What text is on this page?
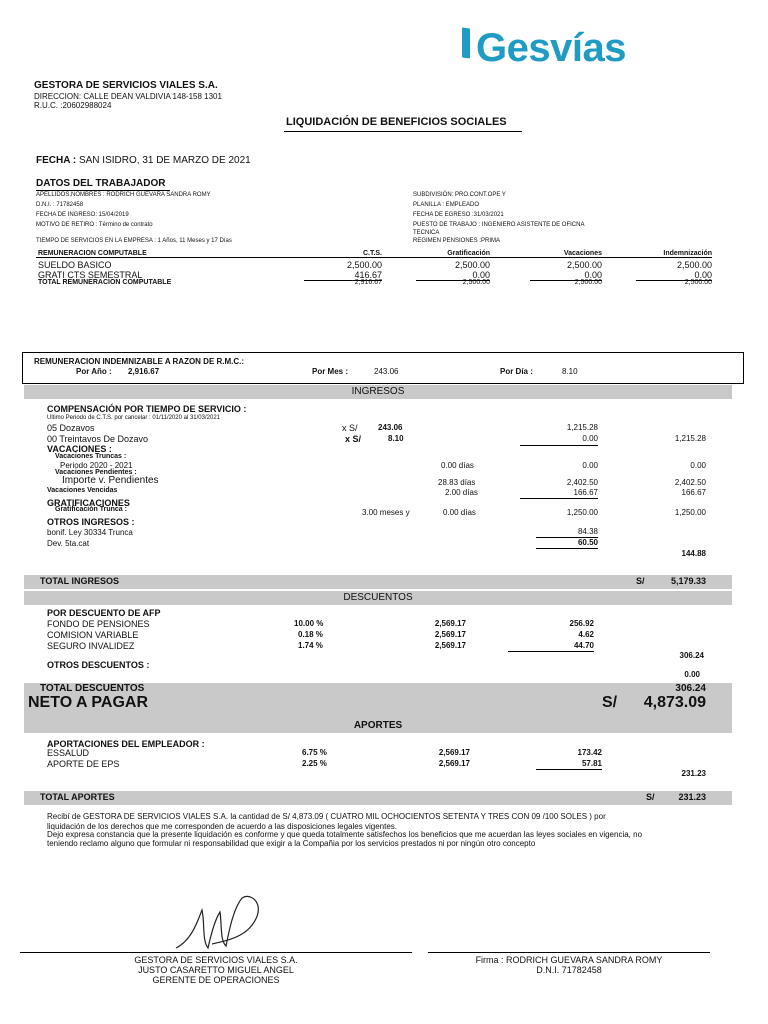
Gesvías
GESTORA DE SERVICIOS VIALES S.A.
DIRECCION: CALLE DEAN VALDIVIA 148-158 1301
R.U.C. :20602988024
LIQUIDACIÓN DE BENEFICIOS SOCIALES
FECHA : SAN ISIDRO, 31 DE MARZO DE 2021
DATOS DEL TRABAJADOR
APELLIDOS,NOMBRES : RODRICH GUEVARA SANDRA ROMY
D.N.I. : 71782458
FECHA DE INGRESO: 15/04/2019
MOTIVO DE RETIRO : Término de contrato
TIEMPO DE SERVICIOS EN LA EMPRESA : 1 Años, 11 Meses y 17 Días
SUBDIVISIÓN: PRO.CONT.OPE Y
PLANILLA : EMPLEADO
FECHA DE EGRESO :31/03/2021
PUESTO DE TRABAJO : INGENIERO ASISTENTE DE OFICNA
TECNICA
REGIMEN PENSIONES :PRIMA
REMUNERACION COMPUTABLE	C.T.S.	Gratificación	Vacaciones	Indemnización
SUELDO BASICO	2,500.00	2,500.00	2,500.00	2,500.00
GRATI CTS SEMESTRAL	416.67	0.00	0.00	0.00
TOTAL REMUNERACION COMPUTABLE	2,916.67	2,500.00	2,500.00	2,500.00
REMUNERACION INDEMNIZABLE A RAZON DE R.M.C.:
Por Año : 2,916.67	Por Mes :	243.06	Por Día :	8.10
INGRESOS
COMPENSACIÓN POR TIEMPO DE SERVICIO :
Ultimo Periodo de C.T.S. por cancelar : 01/11/2020 al 31/03/2021
05 Dozavos	x S/	243.06	1,215.28
00 Treintavos De Dozavo	x S/	8.10	0.00	1,215.28
VACACIONES :
Vacaciones Truncas :
Periodo 2020 - 2021	0.00 días	0.00	0.00
Vacaciones Pendientes :
Importe v. Pendientes	28.83 días	2,402.50	2,402.50
Vacaciones Vencidas	2.00 días	166.67	166.67
GRATIFICACIONES
Gratificación Trunca :	3.00 meses y	0.00 días	1,250.00	1,250.00
OTROS INGRESOS :
bonif. Ley 30334 Trunca	84.38
Dev. 5ta.cat	60.50
144.88
TOTAL INGRESOS	S/	5,179.33
DESCUENTOS
POR DESCUENTO DE AFP
FONDO DE PENSIONES	10.00 %	2,569.17	256.92
COMISION VARIABLE	0.18 %	2,569.17	4.62
SEGURO INVALIDEZ	1.74 %	2,569.17	44.70
306.24
OTROS DESCUENTOS :
0.00
TOTAL DESCUENTOS	306.24
NETO A PAGAR	S/	4,873.09
APORTES
APORTACIONES DEL EMPLEADOR :
ESSALUD	6.75 %	2,569.17	173.42
APORTE DE EPS	2.25 %	2,569.17	57.81
231.23
TOTAL APORTES	S/	231.23
Recibí de GESTORA DE SERVICIOS VIALES S.A. la cantidad de S/ 4,873.09 ( CUATRO MIL OCHOCIENTOS SETENTA Y TRES CON 09 /100 SOLES ) por
liquidación de los derechos que me corresponden de acuerdo a las disposiciones legales vigentes.
Dejo expresa constancia que la presente liquidación es conforme y que queda totalmente satisfechos los beneficios que me acuerdan las leyes sociales en vigencia, no
teniendo reclamo alguno que formular ni responsabilidad que exigir a la Compañia por los servicios prestados ni por ningún otro concepto
GESTORA DE SERVICIOS VIALES S.A.
JUSTO CASARETTO MIGUEL ANGEL
GERENTE DE OPERACIONES
Firma : RODRICH GUEVARA SANDRA ROMY
D.N.I. 71782458
